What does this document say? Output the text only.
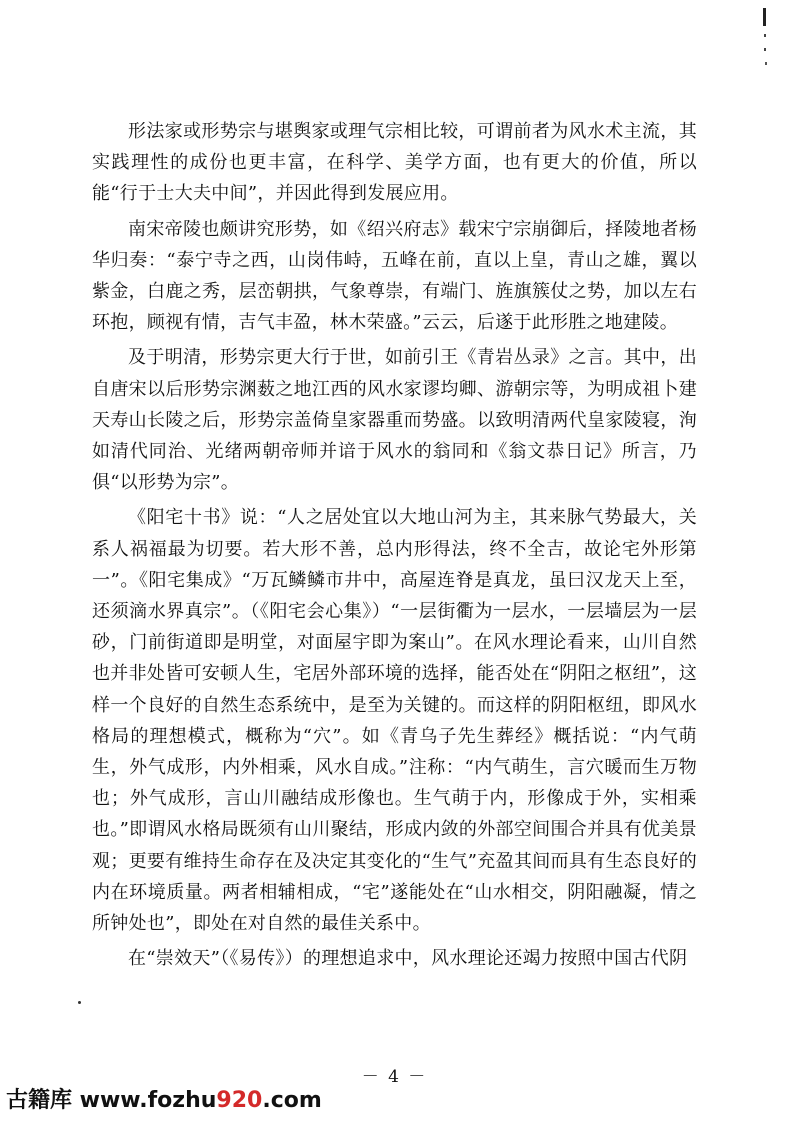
形法家或形势宗与堪舆家或理气宗相比较，可谓前者为风水术主流，其实践理性的成份也更丰富，在科学、美学方面，也有更大的价值，所以能“行于士大夫中间”，并因此得到发展应用。

南宋帝陵也颇讲究形势，如《绍兴府志》载宋宁宗崩御后，择陵地者杨华归奏：“泰宁寺之西，山岗伟峙，五峰在前，直以上皇，青山之雄，翼以紫金，白鹿之秀，层峦朝拱，气象尊崇，有端门、旌旗簇仗之势，加以左右环抱，顾视有情，吉气丰盈，林木荣盛。”云云，后遂于此形胜之地建陵。

及于明清，形势宗更大行于世，如前引王《青岩丛录》之言。其中，出自唐宋以后形势宗渊薮之地江西的风水家谬均卿、游朝宗等，为明成祖卜建天寿山长陵之后，形势宗盖倚皇家器重而势盛。以致明清两代皇家陵寝，洵如清代同治、光绪两朝帝师并谙于风水的翁同和《翁文恭日记》所言，乃俱“以形势为宗”。

《阳宅十书》说：“人之居处宜以大地山河为主，其来脉气势最大，关系人祸福最为切要。若大形不善，总内形得法，终不全吉，故论宅外形第一”。《阳宅集成》“万瓦鳞鳞市井中，高屋连脊是真龙，虽曰汉龙天上至，还须滴水界真宗”。（《阳宅会心集》）“一层街衢为一层水，一层墙层为一层砂，门前街道即是明堂，对面屋宇即为案山”。在风水理论看来，山川自然也并非处皆可安顿人生，宅居外部环境的选择，能否处在“阴阳之枢纽”，这样一个良好的自然生态系统中，是至为关键的。而这样的阴阳枢纽，即风水格局的理想模式，概称为“穴”。如《青乌子先生葬经》概括说：“内气萌生，外气成形，内外相乘，风水自成。”注称：“内气萌生，言穴暖而生万物也；外气成形，言山川融结成形像也。生气萌于内，形像成于外，实相乘也。”即谓风水格局既须有山川聚结，形成内敛的外部空间围合并具有优美景观；更要有维持生命存在及决定其变化的“生气”充盈其间而具有生态良好的内在环境质量。两者相辅相成，“宅”遂能处在“山水相交，阴阳融凝，情之所钟处也”，即处在对自然的最佳关系中。

在“崇效天”（《易传》）的理想追求中，风水理论还竭力按照中国古代阴

－ 4 －
古籍库 www.fozhu920.com
